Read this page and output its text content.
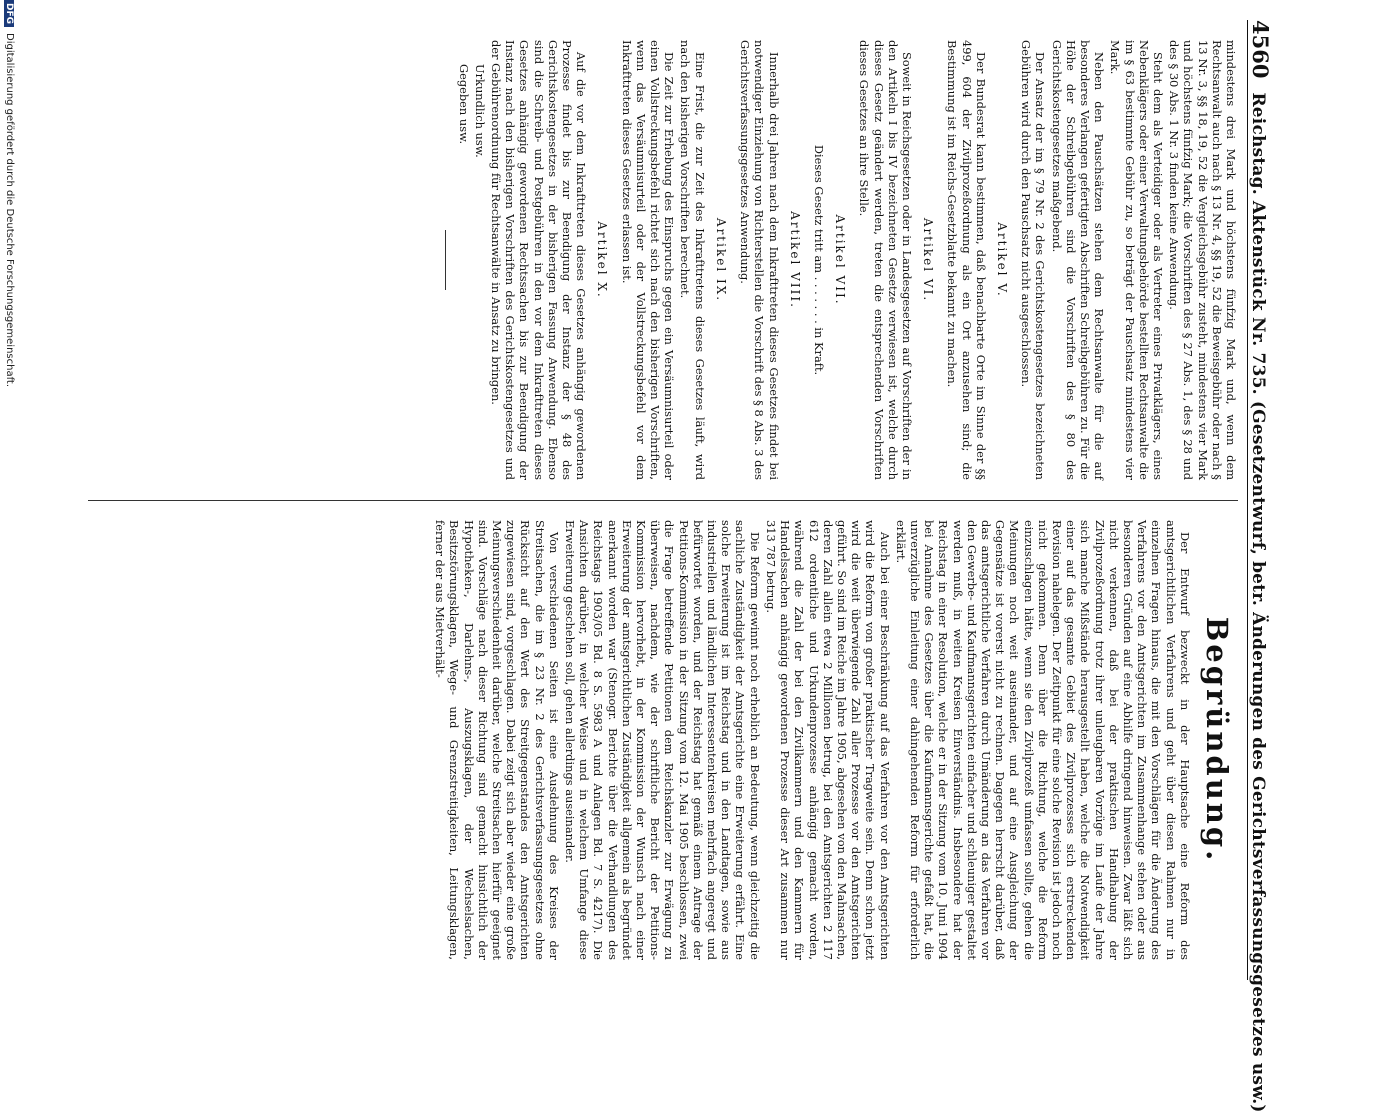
4560
Reichstag. Aktenstück Nr. 735. (Gesetzentwurf, betr. Änderungen des Gerichtsverfassungsgesetzes usw.)

mindestens drei Mark und höchstens fünfzig Mark und, wenn dem Rechtsanwalt auch nach § 13 Nr. 4, §§ 19, 52 die Beweisgebühr oder nach § 13 Nr. 3, §§ 18, 19, 52 die Vergleichsgebühr zusteht, mindestens vier Mark und höchstens fünfzig Mark; die Vorschriften des § 27 Abs. 1, des § 28 und des § 30 Abs. 1 Nr. 3 finden keine Anwendung.

Steht dem als Verteidiger oder als Vertreter eines Privatklägers, eines Nebenklägers oder einer Verwaltungsbehörde bestellten Rechtsanwalte die im § 63 bestimmte Gebühr zu, so beträgt der Pauschsatz mindestens vier Mark.

Neben den Pauschsätzen stehen dem Rechtsanwalte für die auf besonderes Verlangen gefertigten Abschriften Schreibgebühren zu. Für die Höhe der Schreibgebühren sind die Vorschriften des § 80 des Gerichtskostengesetzes maßgebend.

Der Ansatz der im § 79 Nr. 2 des Gerichtskostengesetzes bezeichneten Gebühren wird durch den Pauschsatz nicht ausgeschlossen.

Artikel V.

Der Bundesrat kann bestimmen, daß benachbarte Orte im Sinne der §§ 499, 604 der Zivilprozeßordnung als ein Ort anzusehen sind; die Bestimmung ist im Reichs-Gesetzblatte bekannt zu machen.

Artikel VI.

Soweit in Reichsgesetzen oder in Landesgesetzen auf Vorschriften der in den Artikeln I bis IV bezeichneten Gesetze verwiesen ist, welche durch dieses Gesetz geändert werden, treten die entsprechenden Vorschriften dieses Gesetzes an ihre Stelle.

Artikel VII.

Dieses Gesetz tritt am . . . . . . . in Kraft.

Artikel VIII.

Innerhalb drei Jahren nach dem Inkrafttreten dieses Gesetzes findet bei notwendiger Einziehung von Richterstellen die Vorschrift des § 8 Abs. 3 des Gerichtsverfassungsgesetzes Anwendung.

Artikel IX.

Eine Frist, die zur Zeit des Inkrafttretens dieses Gesetzes läuft, wird nach den bisherigen Vorschriften berechnet.

Die Zeit zur Erhebung des Einspruchs gegen ein Versäumnisurteil oder einen Vollstreckungsbefehl richtet sich nach den bisherigen Vorschriften, wenn das Versäumnisurteil oder der Vollstreckungsbefehl vor dem Inkrafttreten dieses Gesetzes erlassen ist.

Artikel X.

Auf die vor dem Inkrafttreten dieses Gesetzes anhängig gewordenen Prozesse findet bis zur Beendigung der Instanz der § 48 des Gerichtskostengesetzes in der bisherigen Fassung Anwendung. Ebenso sind die Schreib- und Postgebühren in den vor dem Inkrafttreten dieses Gesetzes anhängig gewordenen Rechtssachen bis zur Beendigung der Instanz nach den bisherigen Vorschriften des Gerichtskostengesetzes und der Gebührenordnung für Rechtsanwälte in Ansatz zu bringen.

Urkundlich usw.

Gegeben usw.

Begründung.

Der Entwurf bezweckt in der Hauptsache eine Reform des amtsgerichtlichen Verfahrens und geht über diesen Rahmen nur in einzelnen Fragen hinaus, die mit den Vorschlägen für die Änderung des Verfahrens vor den Amtsgerichten im Zusammenhange stehen oder aus besonderen Gründen auf eine Abhilfe dringend hinweisen. Zwar läßt sich nicht verkennen, daß bei der praktischen Handhabung der Zivilprozeßordnung trotz ihrer unleugbaren Vorzüge im Laufe der Jahre sich manche Mißstände herausgestellt haben, welche die Notwendigkeit einer auf das gesamte Gebiet des Zivilprozesses sich erstreckenden Revision nahelegen. Der Zeitpunkt für eine solche Revision ist jedoch noch nicht gekommen. Denn über die Richtung, welche die Reform einzuschlagen hätte, wenn sie den Zivilprozeß umfassen sollte, gehen die Meinungen noch weit auseinander, und auf eine Ausgleichung der Gegensätze ist vorerst nicht zu rechnen. Dagegen herrscht darüber, daß das amtsgerichtliche Verfahren durch Umänderung an das Verfahren vor den Gewerbe- und Kaufmannsgerichten einfacher und schleuniger gestaltet werden muß, in weiten Kreisen Einverständnis. Insbesondere hat der Reichstag in einer Resolution, welche er in der Sitzung vom 10. Juni 1904 bei Annahme des Gesetzes über die Kaufmannsgerichte gefaßt hat, die unverzügliche Einleitung einer dahingehenden Reform für erforderlich erklärt.

Auch bei einer Beschränkung auf das Verfahren vor den Amtsgerichten wird die Reform von großer praktischer Tragweite sein. Denn schon jetzt wird die weit überwiegende Zahl aller Prozesse vor den Amtsgerichten geführt. So sind im Reiche im Jahre 1905, abgesehen von den Mahnsachen, deren Zahl allein etwa 2 Millionen betrug, bei den Amtsgerichten 2 117 612 ordentliche und Urkundenprozesse anhängig gemacht worden, während die Zahl der bei den Zivilkammern und den Kammern für Handelssachen anhängig gewordenen Prozesse dieser Art zusammen nur 313 787 betrug.

Die Reform gewinnt noch erheblich an Bedeutung, wenn gleichzeitig die sachliche Zuständigkeit der Amtsgerichte eine Erweiterung erfährt. Eine solche Erweiterung ist im Reichstag und in den Landtagen, sowie aus industriellen und ländlichen Interessentenkreisen mehrfach angeregt und befürwortet worden, und der Reichstag hat gemäß einem Antrage der Petitions-Kommission in der Sitzung vom 12. Mai 1905 beschlossen, zwei die Frage betreffende Petitionen dem Reichskanzler zur Erwägung zu überweisen, nachdem, wie der schriftliche Bericht der Petitions-Kommission hervorhebt, in der Kommission der Wunsch nach einer Erweiterung der amtsgerichtlichen Zuständigkeit allgemein als begründet anerkannt worden war (Stenogr. Berichte über die Verhandlungen des Reichstags 1903/05 Bd. 8 S. 5983 A und Anlagen Bd. 7 S. 4217). Die Ansichten darüber, in welcher Weise und in welchem Umfange diese Erweiterung geschehen soll, gehen allerdings auseinander.

Von verschiedenen Seiten ist eine Ausdehnung des Kreises der Streitsachen, die im § 23 Nr. 2 des Gerichtsverfassungsgesetzes ohne Rücksicht auf den Wert des Streitgegenstandes den Amtsgerichten zugewiesen sind, vorgeschlagen. Dabei zeigt sich aber wieder eine große Meinungsverschiedenheit darüber, welche Streitsachen hierfür geeignet sind. Vorschläge nach dieser Richtung sind gemacht hinsichtlich der Hypotheken-, Darlehns-, Auszugsklagen, der Wechselsachen, Besitzstörungsklagen, Wege- und Grenzstreitigkeiten, Leitungsklagen, ferner der aus Mietverhält-

DFGDigitalisierung gefördert durch die Deutsche Forschungsgemeinschaft.
